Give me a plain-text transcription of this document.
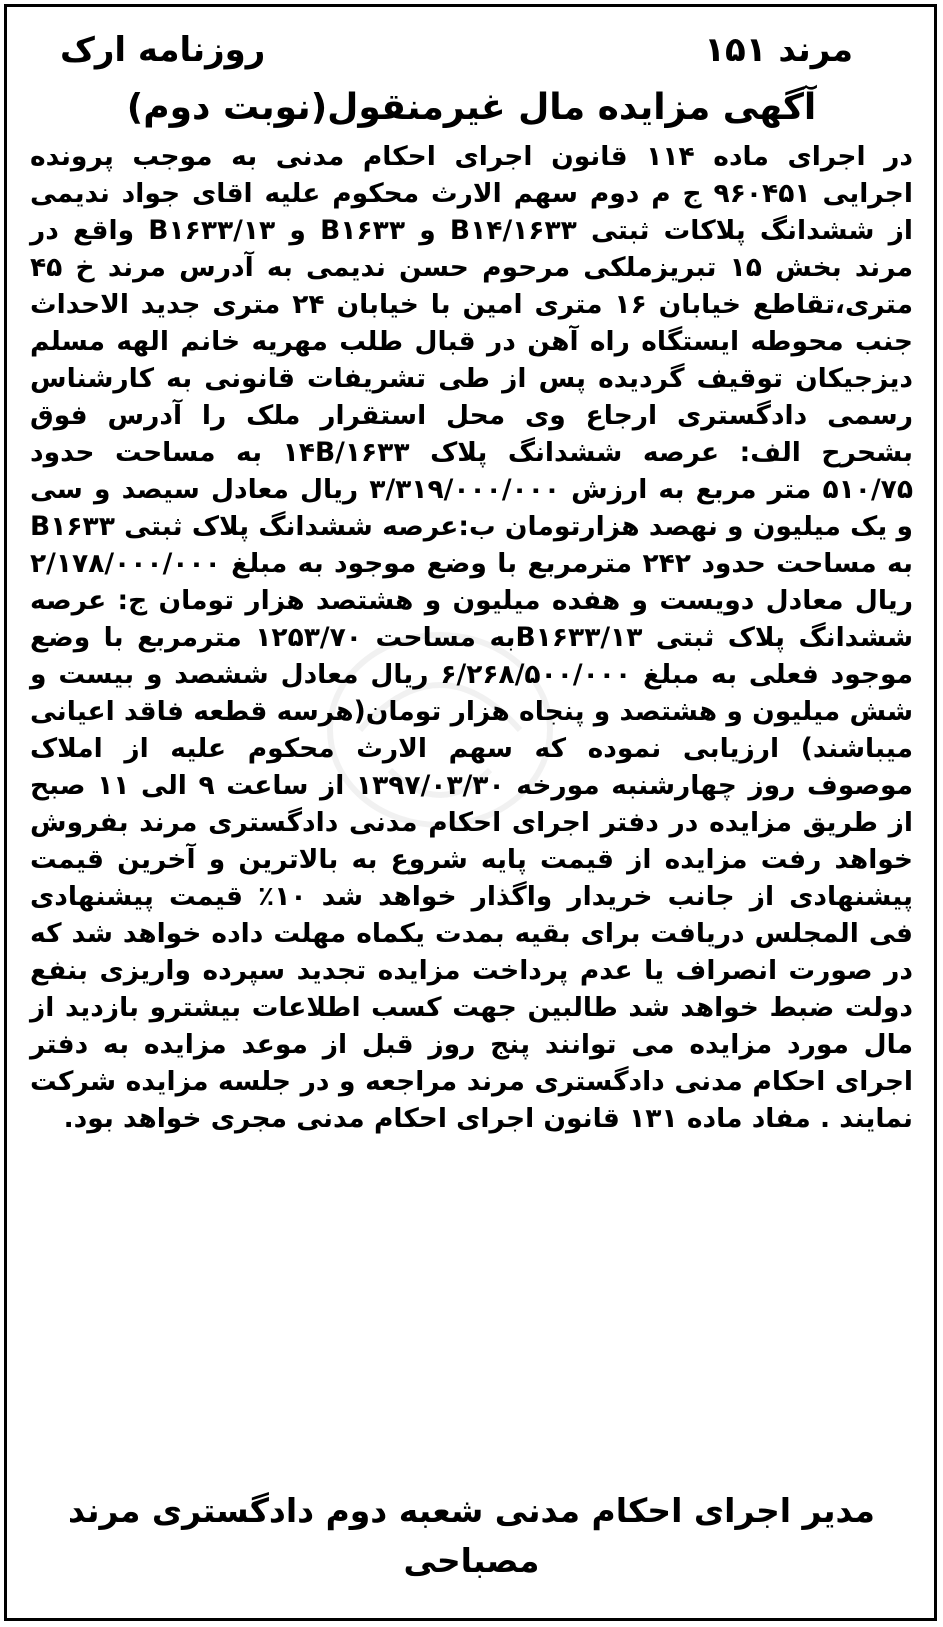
مرند ۱۵۱
روزنامه ارک
آگهی مزایده مال غیرمنقول(نوبت دوم)

در اجرای ماده ۱۱۴ قانون اجرای احکام مدنی به موجب پرونده اجرایی ۹۶۰۴۵۱ ج م دوم سهم الارث محکوم علیه اقای جواد ندیمی از ششدانگ پلاکات ثبتی B۱۴/۱۶۳۳ و B۱۶۳۳ و B۱۶۳۳/۱۳ واقع در مرند بخش ۱۵ تبریزملکی مرحوم حسن ندیمی به آدرس مرند خ ۴۵ متری،تقاطع خیابان ۱۶ متری امین با خیابان ۲۴ متری جدید الاحداث جنب محوطه ایستگاه راه آهن در قبال طلب مهریه خانم الهه مسلم دیزجیکان توقیف گردیده پس از طی تشریفات قانونی به کارشناس رسمی دادگستری ارجاع وی محل استقرار ملک را آدرس فوق بشحرح الف: عرصه ششدانگ پلاک ۱۴B/۱۶۳۳ به مساحت حدود ۵۱۰/۷۵ متر مربع به ارزش ۳/۳۱۹/۰۰۰/۰۰۰ ریال معادل سیصد و سی و یک میلیون و نهصد هزارتومان ب:عرصه ششدانگ پلاک ثبتی B۱۶۳۳ به مساحت حدود ۲۴۲ مترمربع با وضع موجود به مبلغ ۲/۱۷۸/۰۰۰/۰۰۰ ریال معادل دویست و هفده میلیون و هشتصد هزار تومان ج: عرصه ششدانگ پلاک ثبتی B۱۶۳۳/۱۳به مساحت ۱۲۵۳/۷۰ مترمربع با وضع موجود فعلی به مبلغ ۶/۲۶۸/۵۰۰/۰۰۰ ریال معادل ششصد و بیست و شش میلیون و هشتصد و پنجاه هزار تومان(هرسه قطعه فاقد اعیانی میباشند) ارزیابی نموده که سهم الارث محکوم علیه از املاک موصوف روز چهارشنبه مورخه ۱۳۹۷/۰۳/۳۰ از ساعت ۹ الی ۱۱ صبح از طریق مزایده در دفتر اجرای احکام مدنی دادگستری مرند بفروش خواهد رفت مزایده از قیمت پایه شروع به بالاترین و آخرین قیمت پیشنهادی از جانب خریدار واگذار خواهد شد ۱۰٪ قیمت پیشنهادی فی المجلس دریافت برای بقیه بمدت یکماه مهلت داده خواهد شد که در صورت انصراف یا عدم پرداخت مزایده تجدید سپرده واریزی بنفع دولت ضبط خواهد شد طالبین جهت کسب اطلاعات بیشترو بازدید از مال مورد مزایده می توانند پنج روز قبل از موعد مزایده به دفتر اجرای احکام مدنی دادگستری مرند مراجعه و در جلسه مزایده شرکت نمایند . مفاد ماده ۱۳۱ قانون اجرای احکام مدنی مجری خواهد بود.

مدیر اجرای احکام مدنی شعبه دوم دادگستری مرند
مصباحی
